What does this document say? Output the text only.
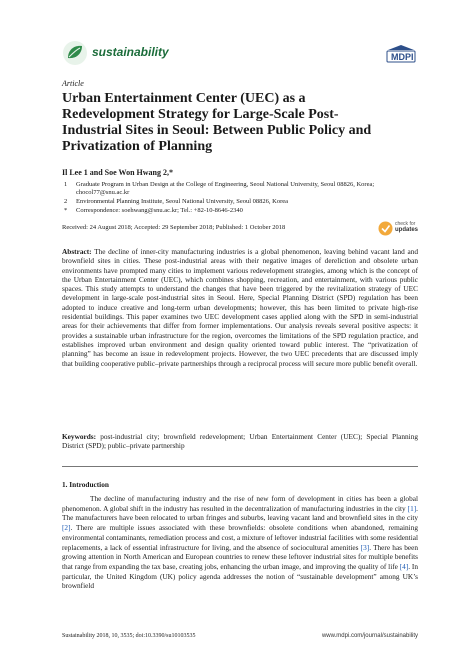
sustainability	MDPI
Article
Urban Entertainment Center (UEC) as a Redevelopment Strategy for Large-Scale Post-Industrial Sites in Seoul: Between Public Policy and Privatization of Planning
Il Lee 1 and Soe Won Hwang 2,*
1 Graduate Program in Urban Design at the College of Engineering, Seoul National University, Seoul 08826, Korea; chocol77@snu.ac.kr
2 Environmental Planning Institute, Seoul National University, Seoul 08826, Korea
* Correspondence: soehwang@snu.ac.kr; Tel.: +82-10-8646-2340
Received: 24 August 2018; Accepted: 29 September 2018; Published: 1 October 2018	check for
updates
Abstract: The decline of inner-city manufacturing industries is a global phenomenon, leaving behind vacant land and brownfield sites in cities. These post-industrial areas with their negative images of dereliction and obsolete urban environments have prompted many cities to implement various redevelopment strategies, among which is the concept of the Urban Entertainment Center (UEC), which combines shopping, recreation, and entertainment, with various public spaces. This study attempts to understand the changes that have been triggered by the revitalization strategy of UEC development in large-scale post-industrial sites in Seoul. Here, Special Planning District (SPD) regulation has been adopted to induce creative and long-term urban developments; however, this has been limited to private high-rise residential buildings. This paper examines two UEC development cases applied along with the SPD in semi-industrial areas for their achievements that differ from former implementations. Our analysis reveals several positive aspects: it provides a sustainable urban infrastructure for the region, overcomes the limitations of the SPD regulation practice, and establishes improved urban environment and design quality oriented toward public interest. The “privatization of planning” has become an issue in redevelopment projects. However, the two UEC precedents that are discussed imply that building cooperative public–private partnerships through a reciprocal process will secure more public benefit overall.
Keywords: post-industrial city; brownfield redevelopment; Urban Entertainment Center (UEC); Special Planning District (SPD); public–private partnership
1. Introduction
The decline of manufacturing industry and the rise of new form of development in cities has been a global phenomenon. A global shift in the industry has resulted in the decentralization of manufacturing industries in the city [1]. The manufacturers have been relocated to urban fringes and suburbs, leaving vacant land and brownfield sites in the city [2]. There are multiple issues associated with these brownfields: obsolete conditions when abandoned, remaining environmental contaminants, remediation process and cost, a mixture of leftover industrial facilities with some residential replacements, a lack of essential infrastructure for living, and the absence of sociocultural amenities [3]. There has been growing attention in North American and European countries to renew these leftover industrial sites for multiple benefits that range from expanding the tax base, creating jobs, enhancing the urban image, and improving the quality of life [4]. In particular, the United Kingdom (UK) policy agenda addresses the notion of “sustainable development” among UK’s brownfield
Sustainability 2018, 10, 3535; doi:10.3390/su10103535	www.mdpi.com/journal/sustainability
